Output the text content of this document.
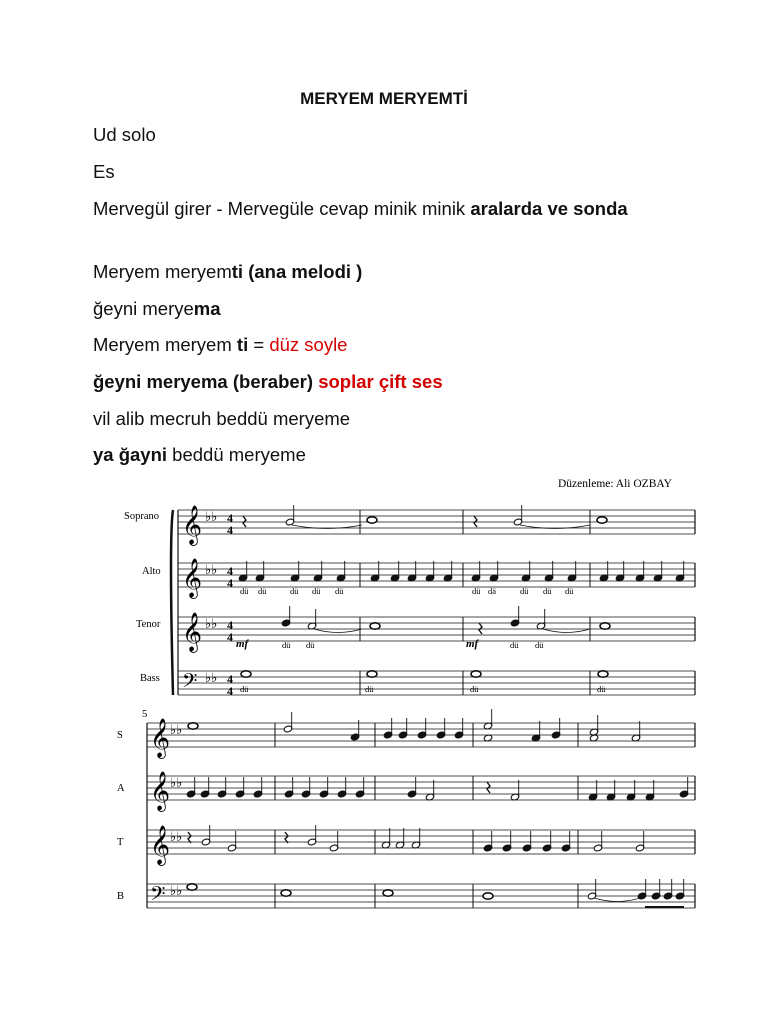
MERYEM MERYEMTİ

Ud solo

Es

Mervegül girer - Mervegüle cevap minik minik aralarda ve sonda

Meryem meryemti (ana melodi )

ğeyni meryema

Meryem meryem ti = düz soyle

ğeyni meryema (beraber) soplar çift ses

vil alib mecruh beddü meryeme

ya ğayni beddü meryeme

Düzenleme: Ali OZBAY
Soprano
Alto
Tenor
Bass
mf	mf
dü dü	dü dü dü	dü dä	dü dü dü
dü dü	dü dü
dü	dü	dü	dü
5
S
A
T
B
𝄞 ♭♭ 4
4
𝄞 ♭♭ 4
4
𝄞 ♭♭ 4
4
𝄢 ♭♭ 4
4
𝄞 ♭♭
𝄞 ♭♭
𝄞 ♭♭
𝄢 ♭♭
